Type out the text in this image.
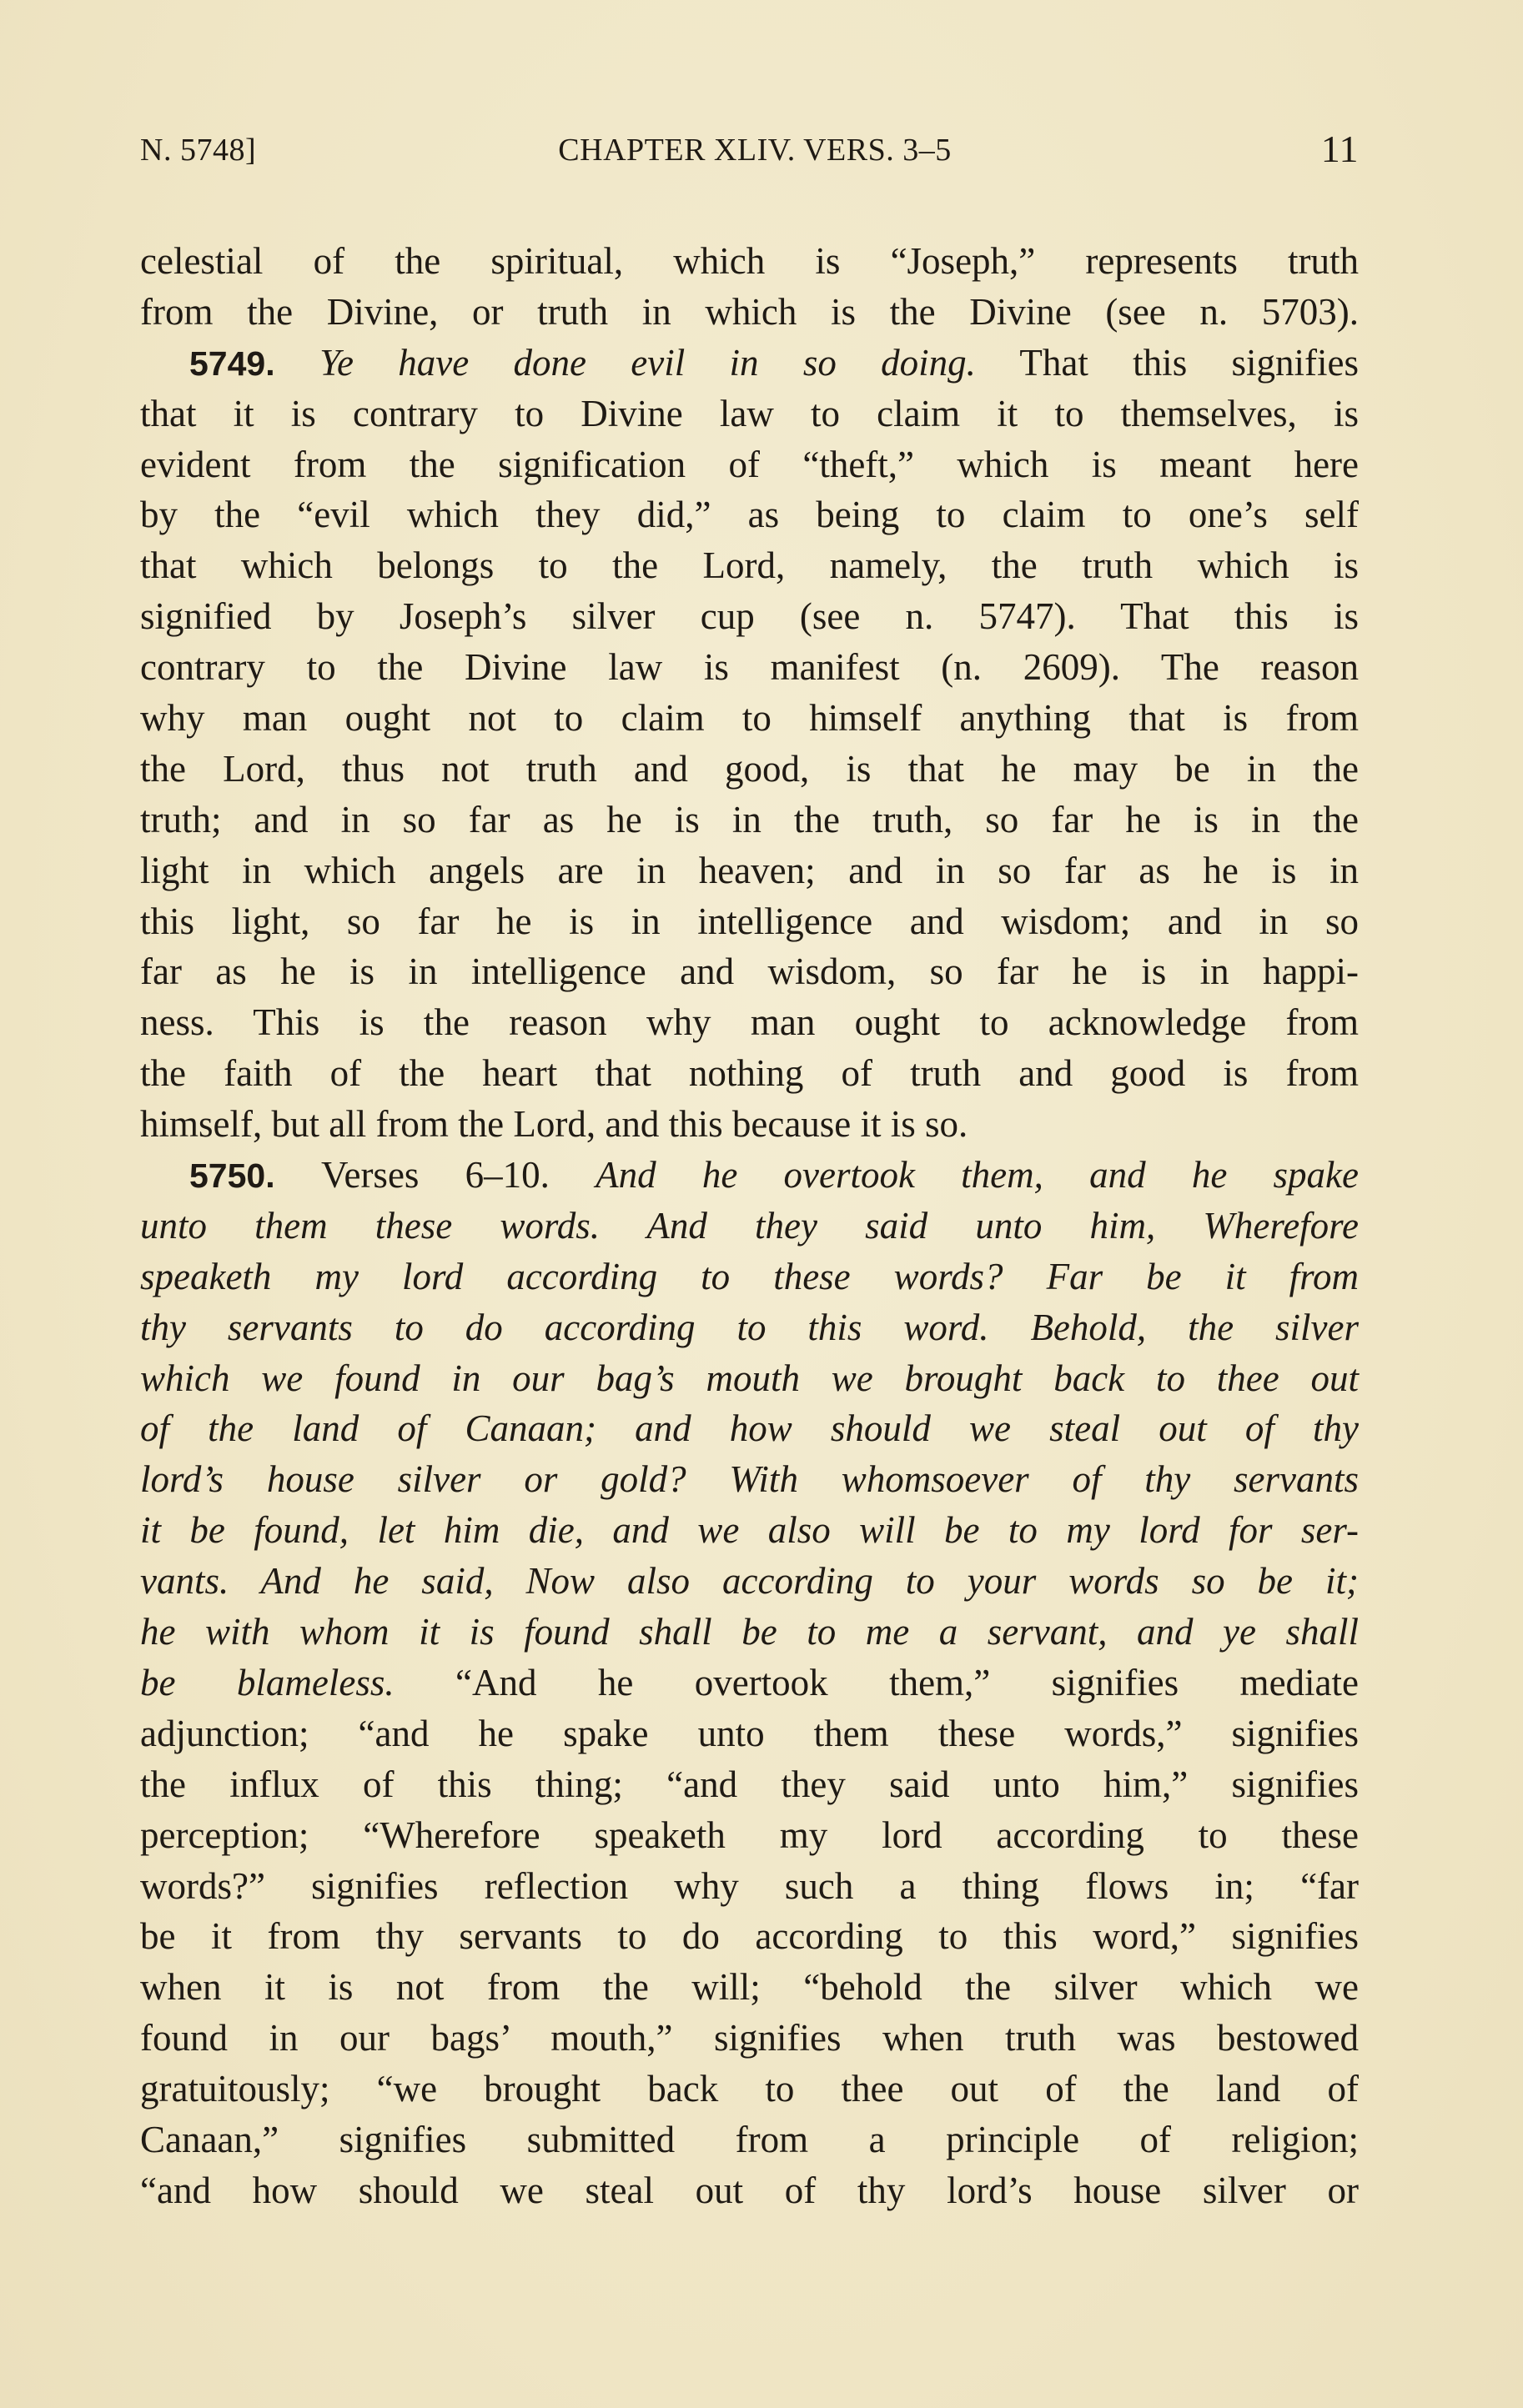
N. 5748]	CHAPTER XLIV. VERS. 3–5	11
celestial of the spiritual, which is “Joseph,” represents truth
from the Divine, or truth in which is the Divine (see n. 5703).
5749. Ye have done evil in so doing. That this signifies
that it is contrary to Divine law to claim it to themselves, is
evident from the signification of “theft,” which is meant here
by the “evil which they did,” as being to claim to one’s self
that which belongs to the Lord, namely, the truth which is
signified by Joseph’s silver cup (see n. 5747). That this is
contrary to the Divine law is manifest (n. 2609). The reason
why man ought not to claim to himself anything that is from
the Lord, thus not truth and good, is that he may be in the
truth; and in so far as he is in the truth, so far he is in the
light in which angels are in heaven; and in so far as he is in
this light, so far he is in intelligence and wisdom; and in so
far as he is in intelligence and wisdom, so far he is in happi-
ness. This is the reason why man ought to acknowledge from
the faith of the heart that nothing of truth and good is from
himself, but all from the Lord, and this because it is so.
5750. Verses 6–10. And he overtook them, and he spake
unto them these words. And they said unto him, Wherefore
speaketh my lord according to these words? Far be it from
thy servants to do according to this word. Behold, the silver
which we found in our bag’s mouth we brought back to thee out
of the land of Canaan; and how should we steal out of thy
lord’s house silver or gold? With whomsoever of thy servants
it be found, let him die, and we also will be to my lord for ser-
vants. And he said, Now also according to your words so be it;
he with whom it is found shall be to me a servant, and ye shall
be blameless. “And he overtook them,” signifies mediate
adjunction; “and he spake unto them these words,” signifies
the influx of this thing; “and they said unto him,” signifies
perception; “Wherefore speaketh my lord according to these
words?” signifies reflection why such a thing flows in; “far
be it from thy servants to do according to this word,” signifies
when it is not from the will; “behold the silver which we
found in our bags’ mouth,” signifies when truth was bestowed
gratuitously; “we brought back to thee out of the land of
Canaan,” signifies submitted from a principle of religion;
“and how should we steal out of thy lord’s house silver or
